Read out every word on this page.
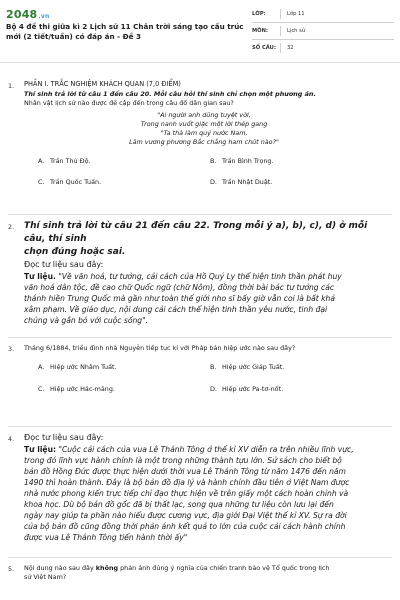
2048.vn
Bộ 4 đề thi giữa kì 2 Lịch sử 11 Chân trời sáng tạo cấu trúc mới (2 tiết/tuần) có đáp án - Đề 3
LỚP:	Lớp 11
MÔN:	Lịch sử
SỐ CÂU:	32
1. PHẦN I. TRẮC NGHIỆM KHÁCH QUAN (7,0 ĐIỂM)
Thí sinh trả lời từ câu 1 đến câu 20. Mỗi câu hỏi thí sinh chỉ chọn một phương án.
Nhân vật lịch sử nào được đề cập đến trong câu đố dân gian sau?
"Ai người anh dũng tuyệt vời,
Trong nanh vuốt giặc một lời thép gang
"Ta thà làm quỷ nước Nam,
Lăm vương phương Bắc chẳng ham chút nào?"
A. Trần Thủ Độ.	B. Trần Bình Trọng.
C. Trần Quốc Tuấn.	D. Trần Nhật Duật.
2. Thí sinh trả lời từ câu 21 đến câu 22. Trong mỗi ý a), b), c), d) ở mỗi câu, thí sinh
chọn đúng hoặc sai.
Đọc tư liệu sau đây:
Tư liệu. "Về văn hoá, tư tưởng, cải cách của Hồ Quý Ly thể hiện tinh thần phát huy
văn hoá dân tộc, đề cao chữ Quốc ngữ (chữ Nôm), đồng thời bài bác tư tưởng các
thánh hiền Trung Quốc mà gần như toàn thế giới nho sĩ bấy giờ vẫn coi là bất khả
xâm phạm. Về giáo dục, nội dung cải cách thể hiện tinh thần yêu nước, tinh đại
chúng và gắn bó với cuộc sống".
3. Tháng 6/1884, triều đình nhà Nguyễn tiếp tục kí với Pháp bản hiệp ước nào sau đây?
A. Hiệp ước Nhâm Tuất.	B. Hiệp ước Giáp Tuất.
C. Hiệp ước Hác-măng.	D. Hiệp ước Pa-tơ-nốt.
4. Đọc tư liệu sau đây:
Tư liệu: "Cuộc cải cách của vua Lê Thánh Tông ở thế kỉ XV diễn ra trên nhiều lĩnh vực,
trong đó lĩnh vực hành chính là một trong những thành tựu lớn. Sử sách cho biết bộ
bản đồ Hồng Đức được thực hiện dưới thời vua Lê Thánh Tông từ năm 1476 đến năm
1490 thì hoàn thành. Đây là bộ bản đồ địa lý và hành chính đầu tiên ở Việt Nam được
nhà nước phong kiến trực tiếp chỉ đạo thực hiện về trên giấy một cách hoàn chỉnh và
khoa học. Dù bộ bản đồ gốc đã bị thất lạc, song qua những tư liệu còn lưu lại đến
ngày nay giúp ta phần nào hiểu được cương vực, địa giới Đại Việt thế kỉ XV. Sự ra đời
của bộ bản đồ cũng đồng thời phản ánh kết quả to lớn của cuộc cải cách hành chính
được vua Lê Thánh Tông tiến hành thời ấy"
5. Nội dung nào sau đây không phản ánh đúng ý nghĩa của chiến tranh bảo vệ Tổ quốc trong lịch
sử Việt Nam?
